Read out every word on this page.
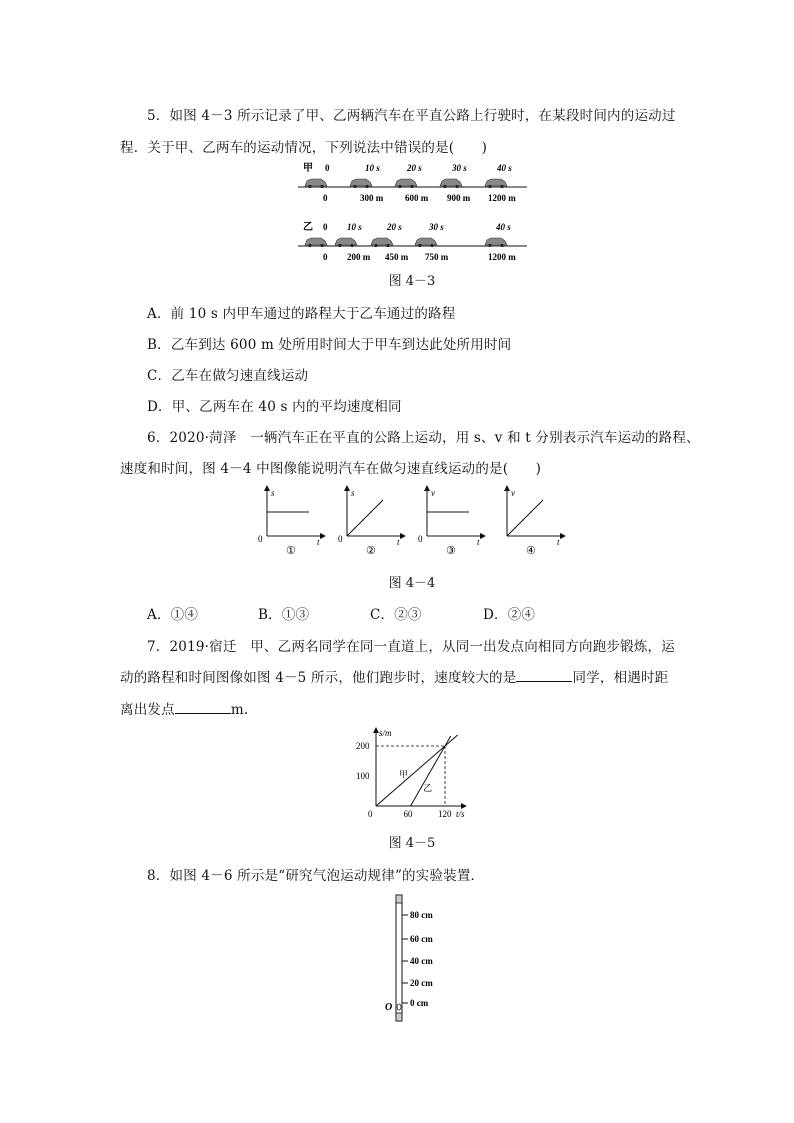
5．如图 4－3 所示记录了甲、乙两辆汽车在平直公路上行驶时，在某段时间内的运动过
程．关于甲、乙两车的运动情况，下列说法中错误的是(　　)
甲 0	10 s	20 s	30 s	40 s
0	300 m 600 m 900 m 1200 m
乙 0 10 s	20 s	30 s	40 s
0 200 m 450 m 750 m	1200 m
图 4－3
A．前 10 s 内甲车通过的路程大于乙车通过的路程
B．乙车到达 600 m 处所用时间大于甲车到达此处所用时间
C．乙车在做匀速直线运动
D．甲、乙两车在 40 s 内的平均速度相同
6．2020·菏泽　一辆汽车正在平直的公路上运动，用 s、v 和 t 分别表示汽车运动的路程、
速度和时间，图 4－4 中图像能说明汽车在做匀速直线运动的是(　　)
s
t
0
①
s
t
0
②
v
t
0
③
v
t
④
图 4－4
A．①④	B．①③	C．②③	D．②④
7．2019·宿迁　甲、乙两名同学在同一直道上，从同一出发点向相同方向跑步锻炼，运
动的路程和时间图像如图 4－5 所示，他们跑步时，速度较大的是	同学，相遇时距
离出发点	m.
s/m
t/s
甲
乙
200
100
0	60	120
图 4－5
8．如图 4－6 所示是“研究气泡运动规律”的实验装置．
80 cm
60 cm
40 cm
20 cm
0 cm
O
